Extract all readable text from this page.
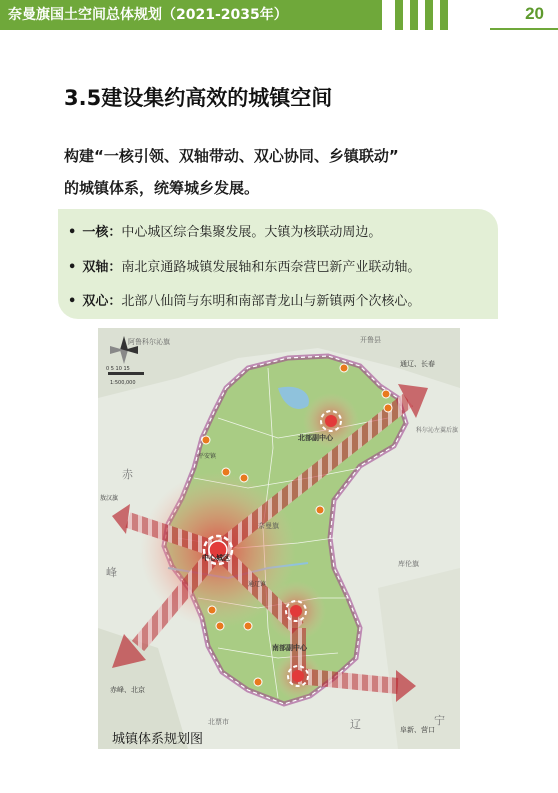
奈曼旗国土空间总体规划（2021-2035年）	20
3.5建设集约高效的城镇空间
构建“一核引领、双轴带动、双心协同、乡镇联动”
的城镇体系，统筹城乡发展。
• 一核：中心城区综合集聚发展。大镇为核联动周边。
• 双轴：南北京通路城镇发展轴和东西奈营巴新产业联动轴。
• 双心：北部八仙筒与东明和南部青龙山与新镇两个次核心。
0 5 10 15
1:500,000
阿鲁科尔沁旗
中心城区
北部副中心
南部副中心
通辽、长春
阜新、营口
赤峰、北京
敖汉旗
开鲁县
科尔沁左翼后旗
库伦旗
奈曼旗
平安镇
通辽镇
赤
峰
北票市	辽	宁
城镇体系规划图
